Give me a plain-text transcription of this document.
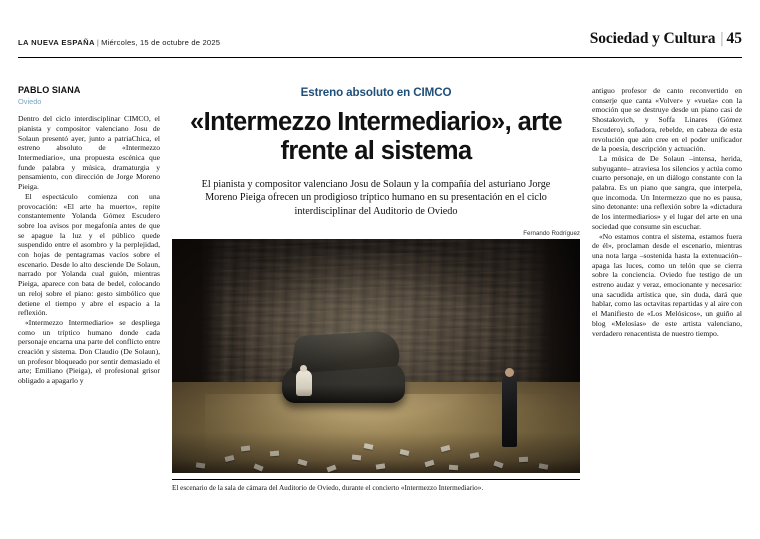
LA NUEVA ESPAÑA | Miércoles, 15 de octubre de 2025	Sociedad y Cultura | 45
PABLO SIANA
Oviedo

Dentro del ciclo interdisciplinar CIMCO, el pianista y compositor valenciano Josu de Solaun presentó ayer, junto a patriaChica, el estreno absoluto de «Intermezzo Intermediario», una propuesta escénica que funde palabra y música, dramaturgia y pensamiento, con dirección de Jorge Moreno Pieiga.

El espectáculo comienza con una provocación: «El arte ha muerto», repite constantemente Yolanda Gómez Escudero sobre loa avisos por megafonía antes de que se apague la luz y el público quede suspendido entre el asombro y la perplejidad, con hojas de pentagramas vacíos sobre el escenario. Desde lo alto desciende De Solaun, narrado por Yolanda cual guión, mientras Pieiga, aparece con bata de bedel, colocando un reloj sobre el piano: gesto simbólico que detiene el tiempo y abre el espacio a la reflexión.

«Intermezzo Intermediario» se despliega como un tríptico humano donde cada personaje encarna una parte del conflicto entre creación y sistema. Don Claudio (De Solaun), un profesor bloqueado por sentir demasiado el arte; Emiliano (Pieiga), el profesional grisor obligado a apagarlo y

Estreno absoluto en CIMCO
«Intermezzo Intermediario», arte frente al sistema
El pianista y compositor valenciano Josu de Solaun y la compañía del asturiano Jorge Moreno Pieiga ofrecen un prodigioso tríptico humano en su presentación en el ciclo interdisciplinar del Auditorio de Oviedo
Fernando Rodríguez
El escenario de la sala de cámara del Auditorio de Oviedo, durante el concierto «Intermezzo Intermediario».

antiguo profesor de canto reconvertido en conserje que canta «Volver» y «vuela» con la emoción que se destruye desde un piano casi de Shostakovich, y Soffa Linares (Gómez Escudero), soñadora, rebelde, en cabeza de esta revolución que aún cree en el poder unificador de la poesía, descripción y actuación.

La música de De Solaun –intensa, herida, subyugante– atraviesa los silencios y actúa como cuarto personaje, en un diálogo constante con la palabra. Es un piano que sangra, que interpela, que incomoda. Un Intermezzo que no es pausa, sino detonante: una reflexión sobre la «dictadura de los intermediarios» y el lugar del arte en una sociedad que consume sin escuchar.

«No estamos contra el sistema, estamos fuera de él», proclaman desde el escenario, mientras una nota larga –sostenida hasta la extenuación– apaga las luces, como un telón que se cierra sobre la conciencia. Oviedo fue testigo de un estreno audaz y veraz, emocionante y necesario: una sacudida artística que, sin duda, dará que hablar, como las octavitas repartidas y al aire con el Manifiesto de «Los Melósicos», un guiño al blog «Melosías» de este artista valenciano, verdadero renacentista de nuestro tiempo.
